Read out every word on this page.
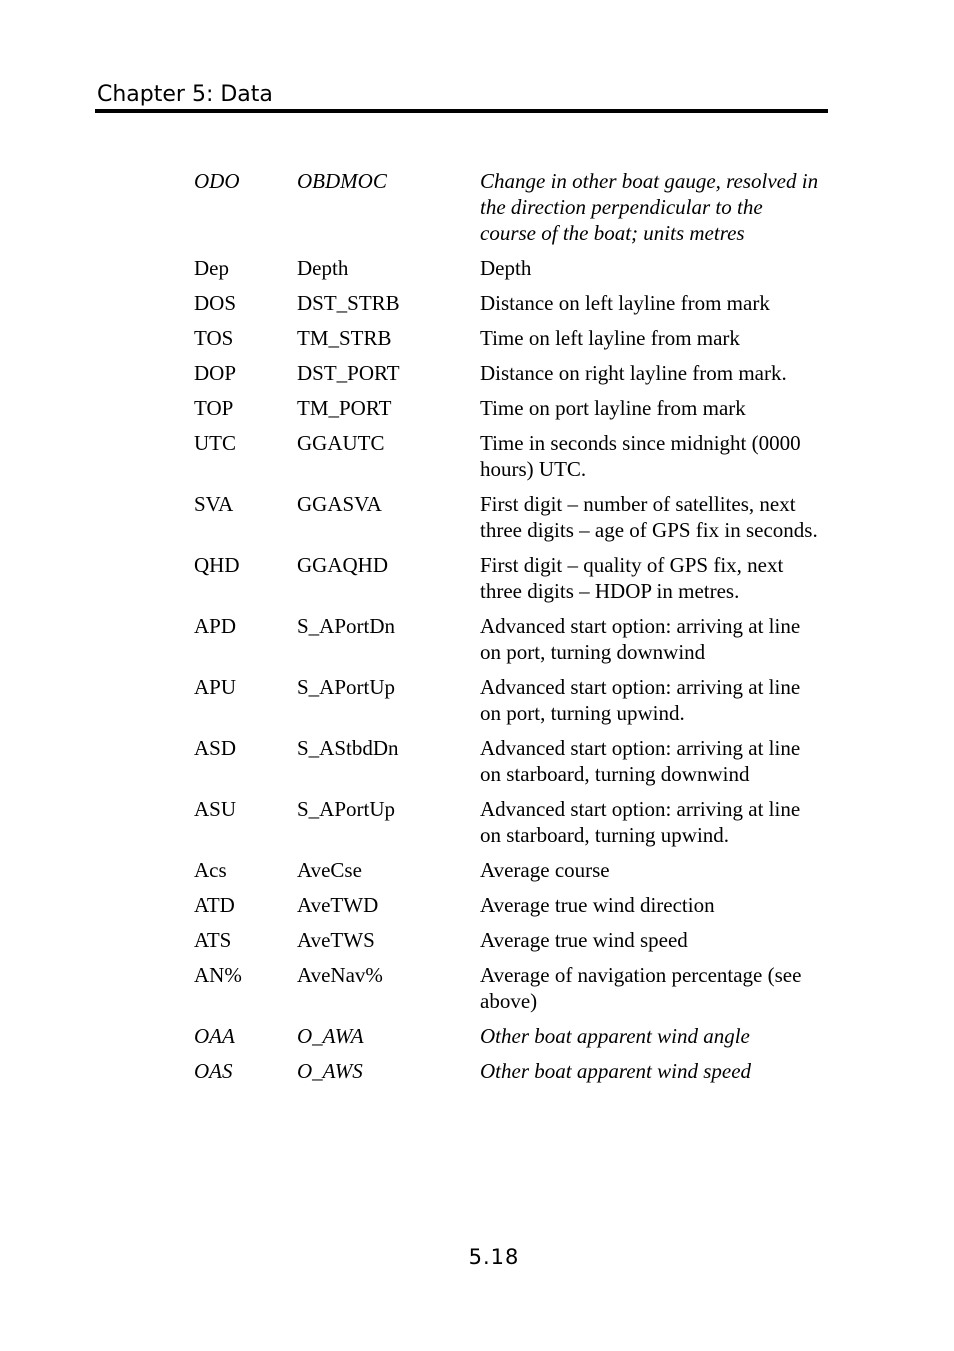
Chapter 5: Data
ODO	OBDMOC	Change in other boat gauge, resolved in the direction perpendicular to the course of the boat; units metres
Dep	Depth	Depth
DOS	DST_STRB	Distance on left layline from mark
TOS	TM_STRB	Time on left layline from mark
DOP	DST_PORT	Distance on right layline from mark.
TOP	TM_PORT	Time on port layline from mark
UTC	GGAUTC	Time in seconds since midnight (0000 hours) UTC.
SVA	GGASVA	First digit – number of satellites, next three digits – age of GPS fix in seconds.
QHD	GGAQHD	First digit – quality of GPS fix, next three digits – HDOP in metres.
APD	S_APortDn	Advanced start option: arriving at line on port, turning downwind
APU	S_APortUp	Advanced start option: arriving at line on port, turning upwind.
ASD	S_AStbdDn	Advanced start option: arriving at line on starboard, turning downwind
ASU	S_APortUp	Advanced start option: arriving at line on starboard, turning upwind.
Acs	AveCse	Average course
ATD	AveTWD	Average true wind direction
ATS	AveTWS	Average true wind speed
AN%	AveNav%	Average of navigation percentage (see above)
OAA	O_AWA	Other boat apparent wind angle
OAS	O_AWS	Other boat apparent wind speed
5.18
